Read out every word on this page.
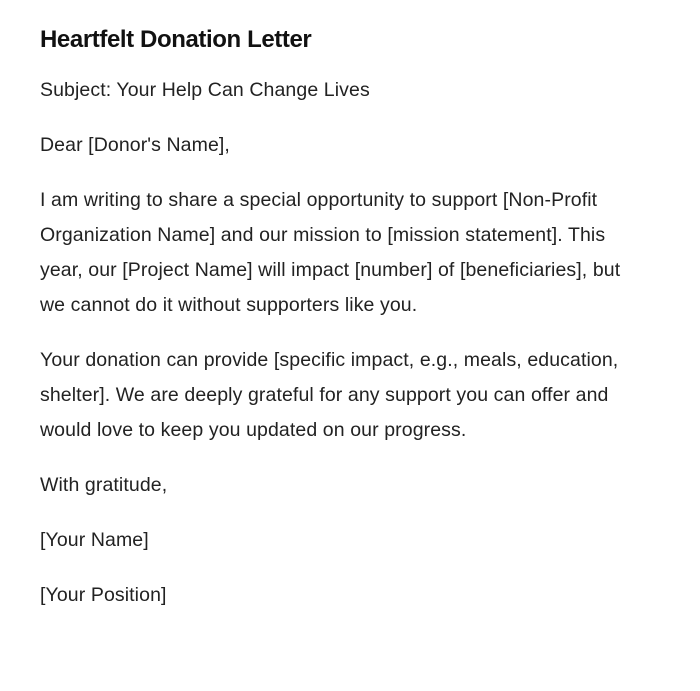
Heartfelt Donation Letter

Subject: Your Help Can Change Lives

Dear [Donor's Name],

I am writing to share a special opportunity to support [Non-Profit Organization Name] and our mission to [mission statement]. This year, our [Project Name] will impact [number] of [beneficiaries], but we cannot do it without supporters like you.

Your donation can provide [specific impact, e.g., meals, education, shelter]. We are deeply grateful for any support you can offer and would love to keep you updated on our progress.

With gratitude,

[Your Name]

[Your Position]
